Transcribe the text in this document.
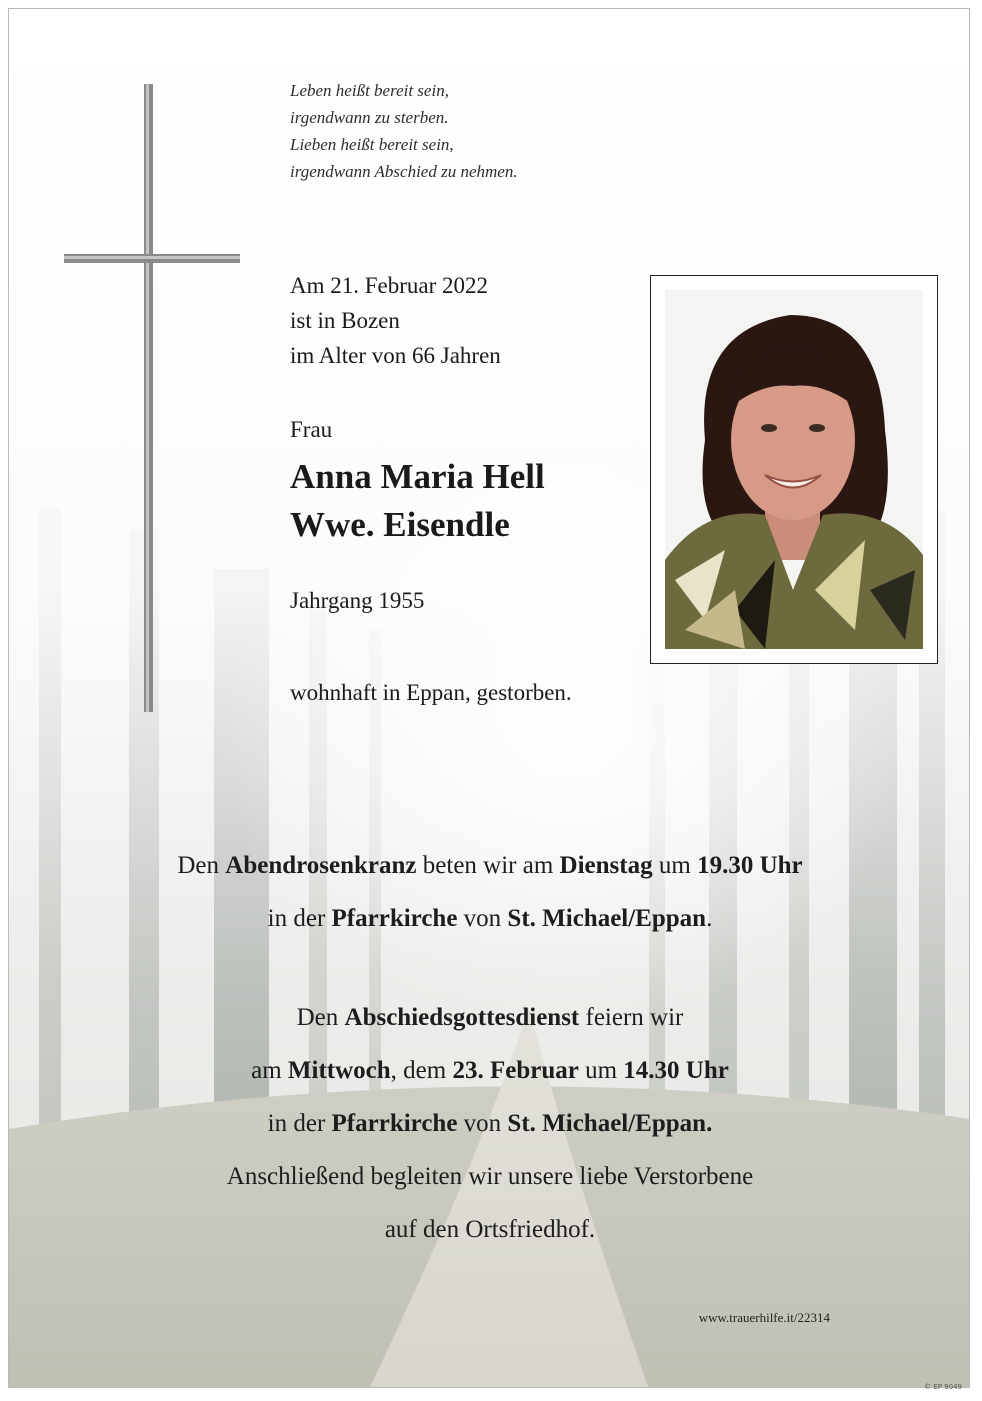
Leben heißt bereit sein,
irgendwann zu sterben.
Lieben heißt bereit sein,
irgendwann Abschied zu nehmen.
Am 21. Februar 2022
ist in Bozen
im Alter von 66 Jahren
Frau
Anna Maria Hell
Wwe. Eisendle
Jahrgang 1955
wohnhaft in Eppan, gestorben.
Den Abendrosenkranz beten wir am Dienstag um 19.30 Uhr
in der Pfarrkirche von St. Michael/Eppan.
Den Abschiedsgottesdienst feiern wir
am Mittwoch, dem 23. Februar um 14.30 Uhr
in der Pfarrkirche von St. Michael/Eppan.
Anschließend begleiten wir unsere liebe Verstorbene
auf den Ortsfriedhof.
www.trauerhilfe.it/22314
© EP 9049
